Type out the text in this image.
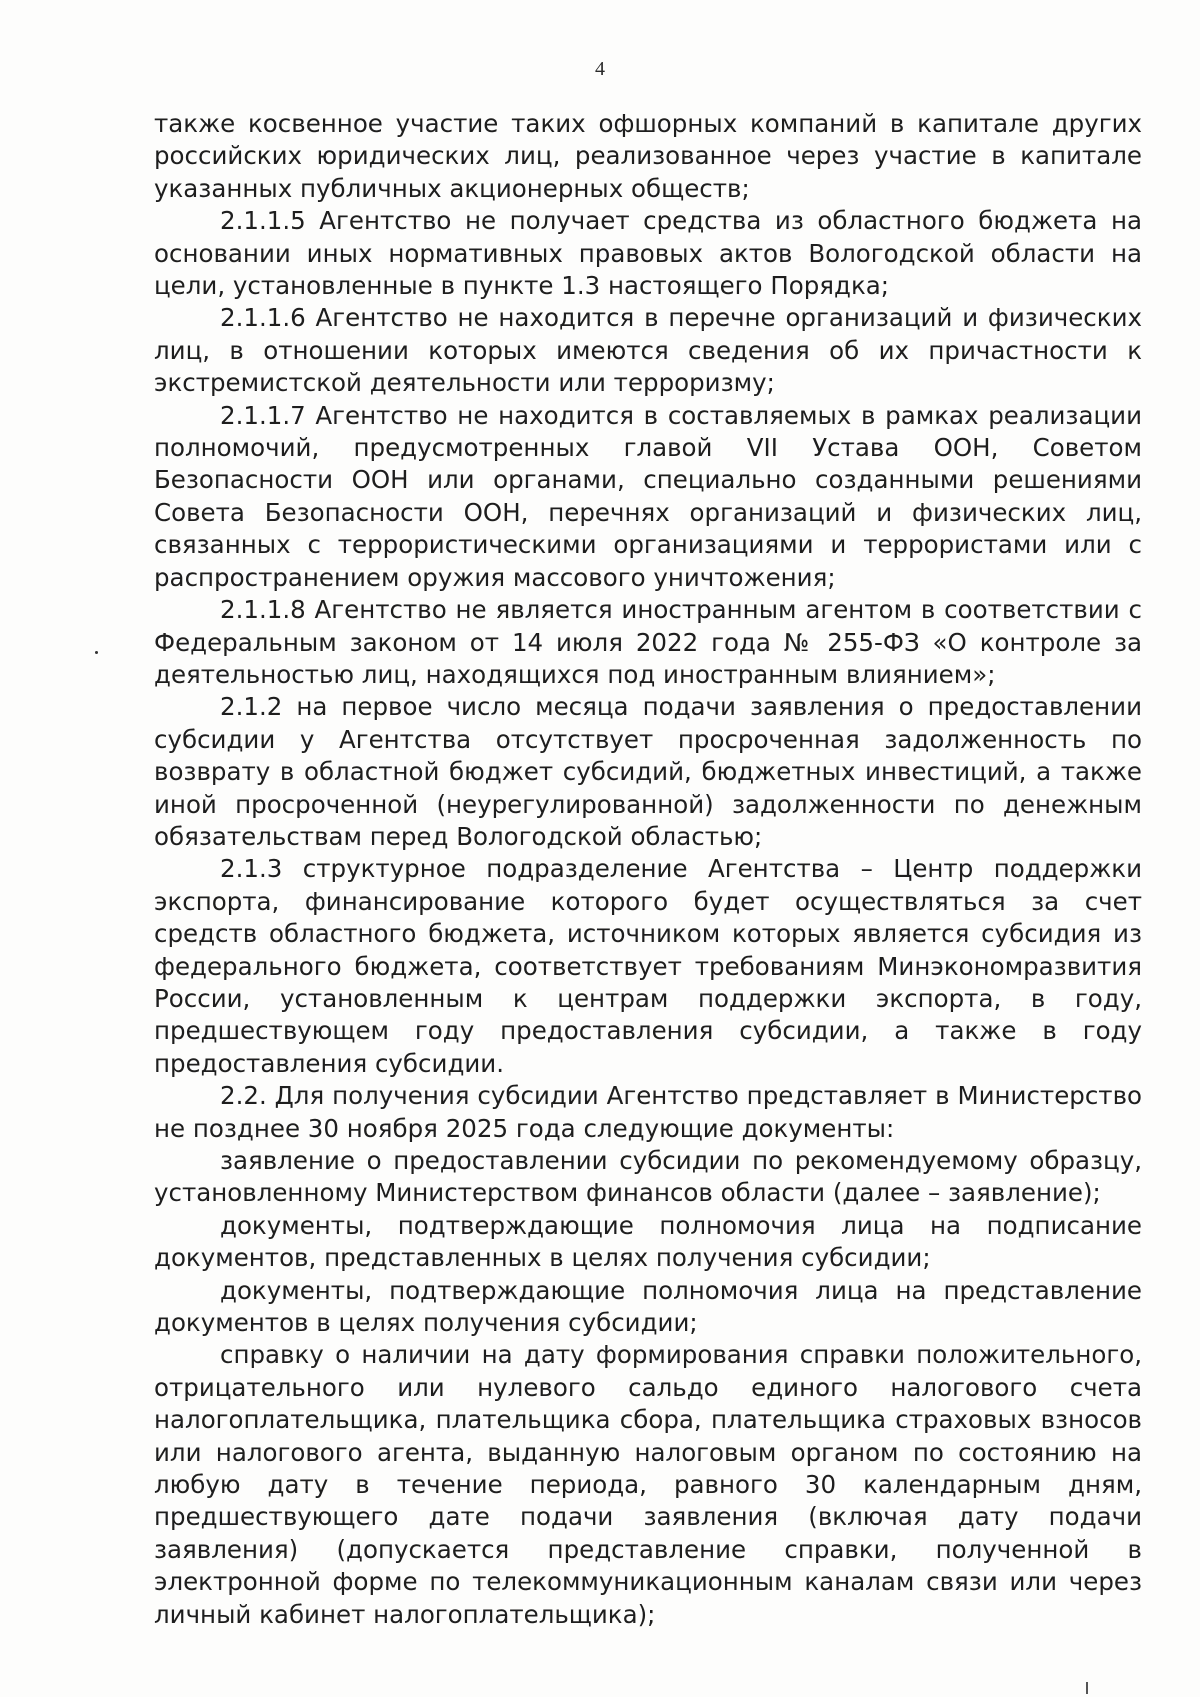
4

также косвенное участие таких офшорных компаний в капитале других российских юридических лиц, реализованное через участие в капитале указанных публичных акционерных обществ;

2.1.1.5 Агентство не получает средства из областного бюджета на основании иных нормативных правовых актов Вологодской области на цели, установленные в пункте 1.3 настоящего Порядка;

2.1.1.6 Агентство не находится в перечне организаций и физических лиц, в отношении которых имеются сведения об их причастности к экстремистской деятельности или терроризму;

2.1.1.7 Агентство не находится в составляемых в рамках реализации полномочий, предусмотренных главой VII Устава ООН, Советом Безопасности ООН или органами, специально созданными решениями Совета Безопасности ООН, перечнях организаций и физических лиц, связанных с террористическими организациями и террористами или с распространением оружия массового уничтожения;

2.1.1.8 Агентство не является иностранным агентом в соответствии с Федеральным законом от 14 июля 2022 года № 255-ФЗ «О контроле за деятельностью лиц, находящихся под иностранным влиянием»;

2.1.2 на первое число месяца подачи заявления о предоставлении субсидии у Агентства отсутствует просроченная задолженность по возврату в областной бюджет субсидий, бюджетных инвестиций, а также иной просроченной (неурегулированной) задолженности по денежным обязательствам перед Вологодской областью;

2.1.3 структурное подразделение Агентства – Центр поддержки экспорта, финансирование которого будет осуществляться за счет средств областного бюджета, источником которых является субсидия из федерального бюджета, соответствует требованиям Минэкономразвития России, установленным к центрам поддержки экспорта, в году, предшествующем году предоставления субсидии, а также в году предоставления субсидии.

2.2. Для получения субсидии Агентство представляет в Министерство не позднее 30 ноября 2025 года следующие документы:

заявление о предоставлении субсидии по рекомендуемому образцу, установленному Министерством финансов области (далее – заявление);

документы, подтверждающие полномочия лица на подписание документов, представленных в целях получения субсидии;

документы, подтверждающие полномочия лица на представление документов в целях получения субсидии;

справку о наличии на дату формирования справки положительного, отрицательного или нулевого сальдо единого налогового счета налогоплательщика, плательщика сбора, плательщика страховых взносов или налогового агента, выданную налоговым органом по состоянию на любую дату в течение периода, равного 30 календарным дням, предшествующего дате подачи заявления (включая дату подачи заявления) (допускается представление справки, полученной в электронной форме по телекоммуникационным каналам связи или через личный кабинет налогоплательщика);
